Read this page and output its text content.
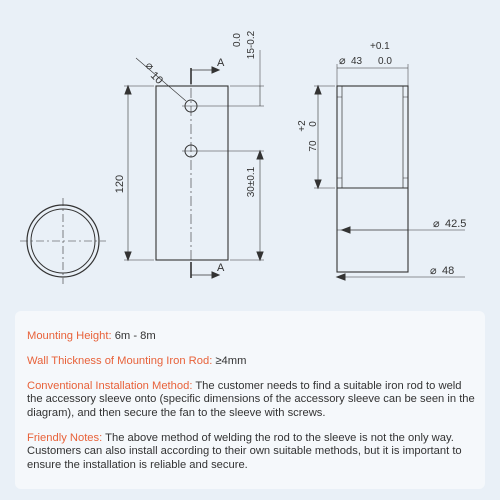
10
⌀	A
A
120
0.0 15-0.2
30±0.1
+0.1
⌀ 43 0.0
+2
70
0
⌀ 42.5
⌀ 48

Mounting Height: 6m - 8m

Wall Thickness of Mounting Iron Rod: ≥4mm

Conventional Installation Method: The customer needs to find a suitable iron rod to weld the accessory sleeve onto (specific dimensions of the accessory sleeve can be seen in the diagram), and then secure the fan to the sleeve with screws.

Friendly Notes: The above method of welding the rod to the sleeve is not the only way. Customers can also install according to their own suitable methods, but it is important to ensure the installation is reliable and secure.
